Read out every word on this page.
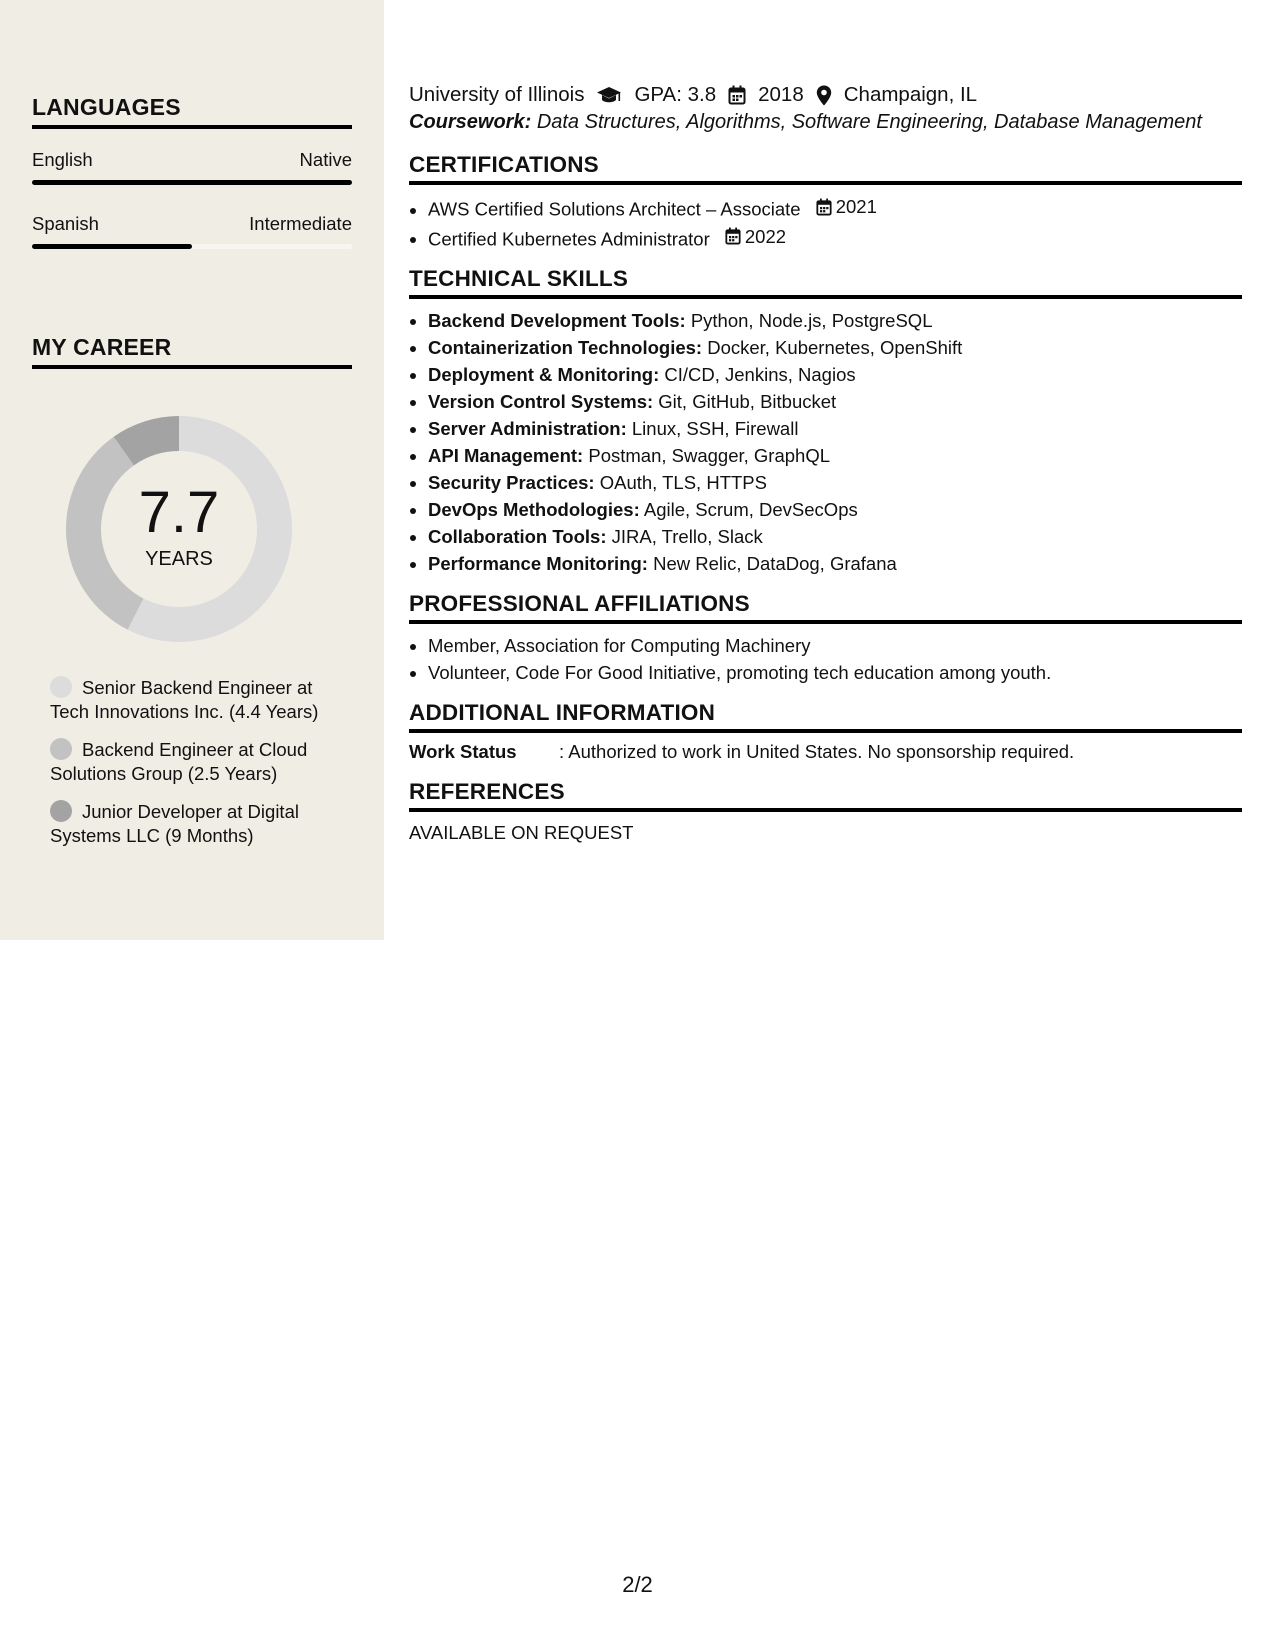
LANGUAGES
English	Native
Spanish	Intermediate
MY CAREER
7.7
YEARS
Senior Backend Engineer at Tech Innovations Inc. (4.4 Years)
Backend Engineer at Cloud Solutions Group (2.5 Years)
Junior Developer at Digital Systems LLC (9 Months)
University of Illinois GPA: 3.8 2018 Champaign, IL
Coursework: Data Structures, Algorithms, Software Engineering, Database Management
CERTIFICATIONS
• AWS Certified Solutions Architect – Associate 2021
• Certified Kubernetes Administrator 2022
TECHNICAL SKILLS
• Backend Development Tools: Python, Node.js, PostgreSQL
• Containerization Technologies: Docker, Kubernetes, OpenShift
• Deployment & Monitoring: CI/CD, Jenkins, Nagios
• Version Control Systems: Git, GitHub, Bitbucket
• Server Administration: Linux, SSH, Firewall
• API Management: Postman, Swagger, GraphQL
• Security Practices: OAuth, TLS, HTTPS
• DevOps Methodologies: Agile, Scrum, DevSecOps
• Collaboration Tools: JIRA, Trello, Slack
• Performance Monitoring: New Relic, DataDog, Grafana
PROFESSIONAL AFFILIATIONS
• Member, Association for Computing Machinery
• Volunteer, Code For Good Initiative, promoting tech education among youth.
ADDITIONAL INFORMATION
Work Status	: Authorized to work in United States. No sponsorship required.
REFERENCES
AVAILABLE ON REQUEST
2/2
